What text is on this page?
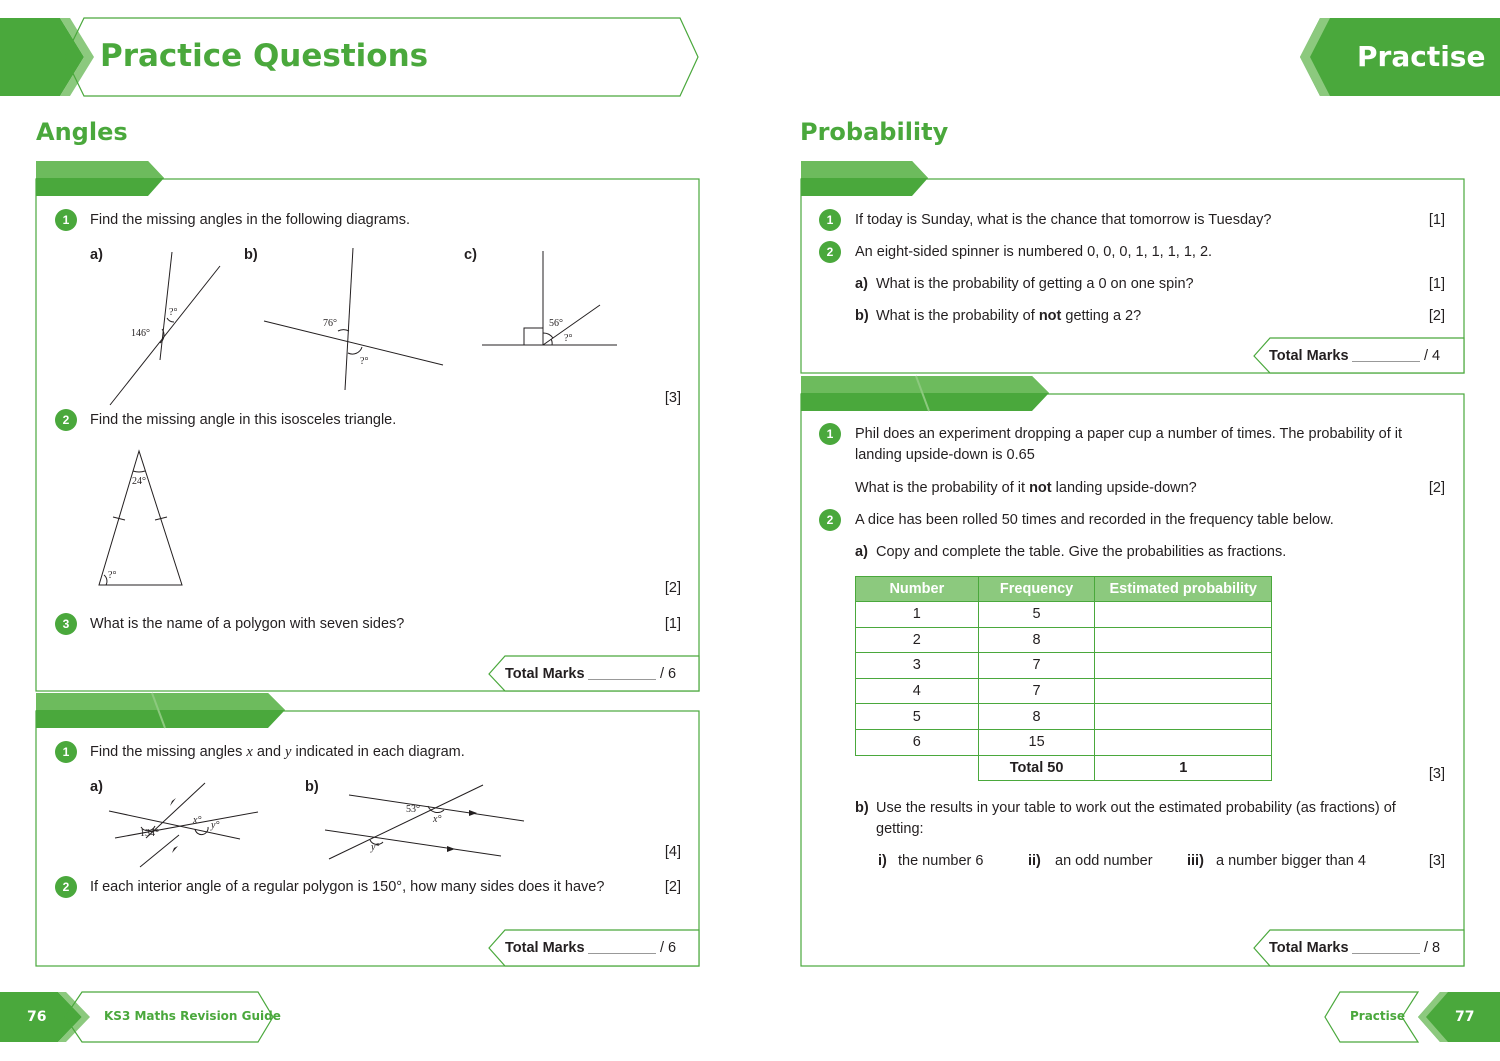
Practice Questions	Practise
Angles	Probability
1	Find the missing angles in the following diagrams.
a)	b)	c)
146°
?°
76°
?°
56°
?°
[3]
2	Find the missing angle in this isosceles triangle.
24°
?°
[2]
3	What is the name of a polygon with seven sides?	[1]
Total Marks	/ 6
1	Find the missing angles x and y indicated in each diagram.
a)	b)
134°
x° y°
53°
x°
y°	[4]
2	If each interior angle of a regular polygon is 150°, how many sides does it have?	[2]
Total Marks	/ 6
1	If today is Sunday, what is the chance that tomorrow is Tuesday?	[1]
2	An eight-sided spinner is numbered 0, 0, 0, 1, 1, 1, 1, 2.
a) What is the probability of getting a 0 on one spin?	[1]
b) What is the probability of not getting a 2?	[2]
Total Marks	/ 4
1	Phil does an experiment dropping a paper cup a number of times. The probability of it landing upside-down is 0.65
What is the probability of it not landing upside-down?	[2]
2	A dice has been rolled 50 times and recorded in the frequency table below.
a) Copy and complete the table. Give the probabilities as fractions.
Number	Frequency	Estimated probability
1	5	
2	8	
3	7	
4	7	
5	8	
6	15	
	Total 50	1	[3]
b) Use the results in your table to work out the estimated probability (as fractions) of getting:
i) the number 6	ii) an odd number iii) a number bigger than 4	[3]
Total Marks	/ 8
76	KS3 Maths Revision Guide	Practise	77
